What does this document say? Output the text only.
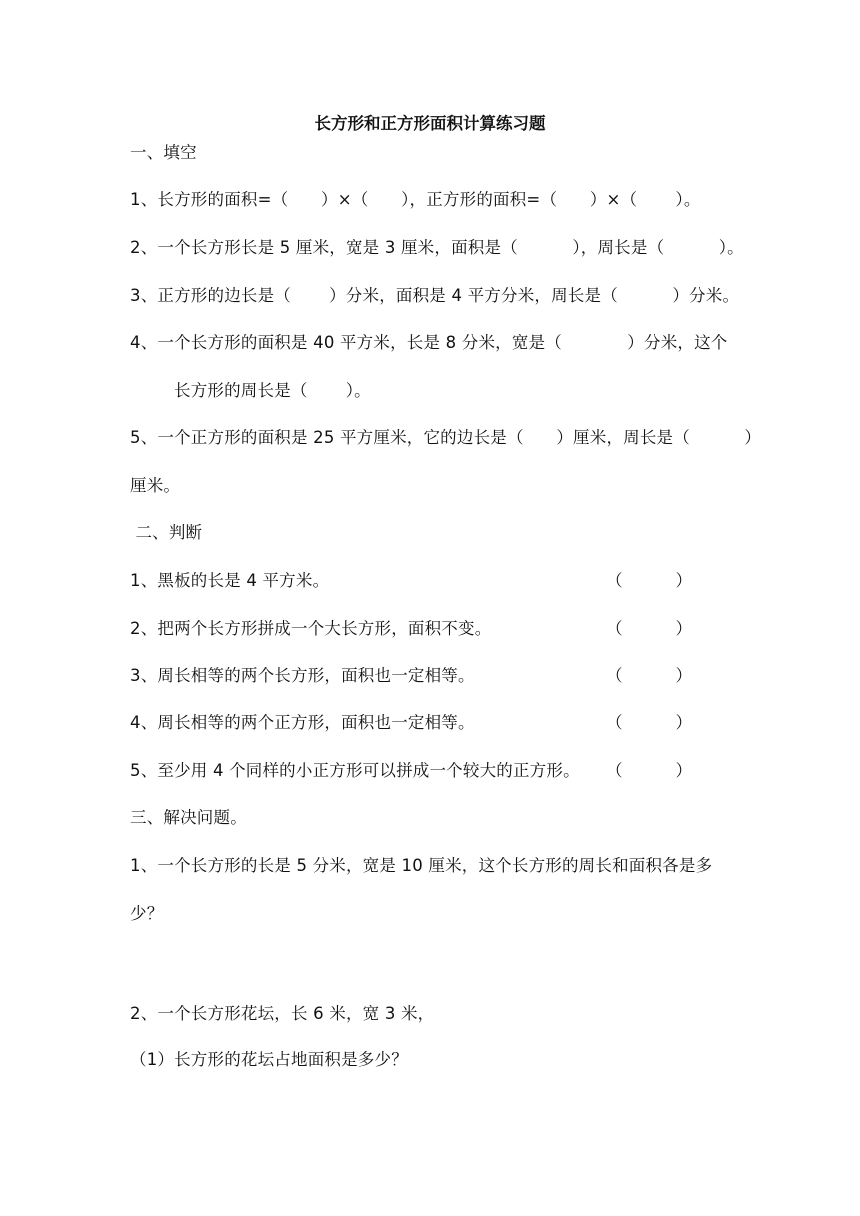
长方形和正方形面积计算练习题
一、填空
1、长方形的面积=（      ）×（      ），正方形的面积=（      ）×（       ）。
2、一个长方形长是 5 厘米，宽是 3 厘米，面积是（          ），周长是（          ）。
3、正方形的边长是（       ）分米，面积是 4 平方分米，周长是（          ）分米。
4、一个长方形的面积是 40 平方米，长是 8 分米，宽是（            ）分米，这个
长方形的周长是（       ）。
5、一个正方形的面积是 25 平方厘米，它的边长是（      ）厘米，周长是（          ）
厘米。
二、判断
1、黑板的长是 4 平方米。	（	）
2、把两个长方形拼成一个大长方形，面积不变。	（	）
3、周长相等的两个长方形，面积也一定相等。	（	）
4、周长相等的两个正方形，面积也一定相等。	（	）
5、至少用 4 个同样的小正方形可以拼成一个较大的正方形。 （	）
三、解决问题。
1、一个长方形的长是 5 分米，宽是 10 厘米，这个长方形的周长和面积各是多
少？
2、一个长方形花坛，长 6 米，宽 3 米，
（1）长方形的花坛占地面积是多少？
